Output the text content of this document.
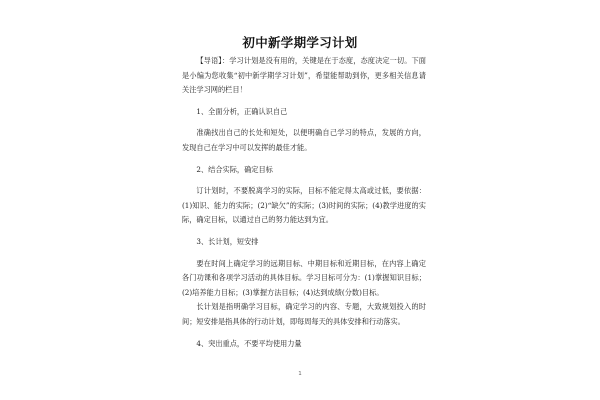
初中新学期学习计划

【导语】：学习计划是没有用的，关键是在于态度，态度决定一切。下面是小编为您收集“初中新学期学习计划”，希望能帮助到你，更多相关信息请关注学习网的栏目！

1、全面分析，正确认识自己

准确找出自己的长处和短处，以便明确自己学习的特点，发展的方向，发现自己在学习中可以发挥的最佳才能。

2、结合实际，确定目标

订计划时，不要脱离学习的实际，目标不能定得太高或过低，要依据：(1)知识、能力的实际；(2)“缺欠”的实际；(3)时间的实际；(4)教学进度的实际，确定目标，以通过自己的努力能达到为宜。

3、长计划，短安排

要在时间上确定学习的远期目标、中期目标和近期目标，在内容上确定各门功课和各项学习活动的具体目标。学习目标可分为：(1)掌握知识目标；(2)培养能力目标；(3)掌握方法目标；(4)达到成绩(分数)目标。

长计划是指明确学习目标，确定学习的内容、专题，大致规划投入的时间；短安排是指具体的行动计划，即每周每天的具体安排和行动落实。

4、突出重点，不要平均使用力量

1
